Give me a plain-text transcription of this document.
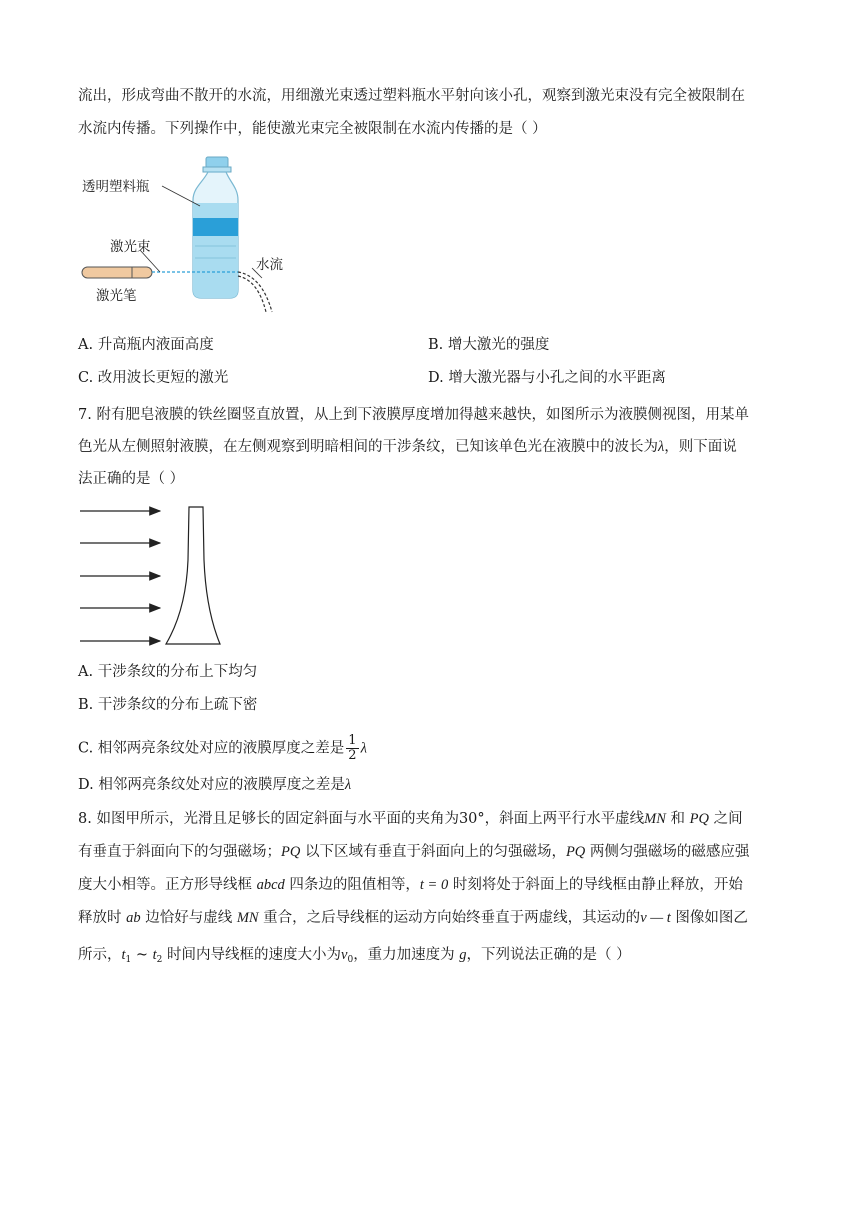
流出，形成弯曲不散开的水流，用细激光束透过塑料瓶水平射向该小孔，观察到激光束没有完全被限制在
水流内传播。下列操作中，能使激光束完全被限制在水流内传播的是（ ）
透明塑料瓶
激光束
激光笔
水流
A. 升高瓶内液面高度	B. 增大激光的强度
C. 改用波长更短的激光	D. 增大激光器与小孔之间的水平距离
7. 附有肥皂液膜的铁丝圈竖直放置，从上到下液膜厚度增加得越来越快，如图所示为液膜侧视图，用某单
色光从左侧照射液膜，在左侧观察到明暗相间的干涉条纹，已知该单色光在液膜中的波长为λ，则下面说
法正确的是（ ）
A. 干涉条纹的分布上下均匀
B. 干涉条纹的分布上疏下密
C. 相邻两亮条纹处对应的液膜厚度之差是 $\frac{1}{2}$ λ
D. 相邻两亮条纹处对应的液膜厚度之差是λ
8. 如图甲所示，光滑且足够长的固定斜面与水平面的夹角为30°，斜面上两平行水平虚线MN 和 PQ 之间
有垂直于斜面向下的匀强磁场；PQ 以下区域有垂直于斜面向上的匀强磁场，PQ 两侧匀强磁场的磁感应强
度大小相等。正方形导线框 abcd 四条边的阻值相等，t = 0 时刻将处于斜面上的导线框由静止释放，开始
释放时 ab 边恰好与虚线 MN 重合，之后导线框的运动方向始终垂直于两虚线，其运动的v — t 图像如图乙
所示，$t_1$ ~ $t_2$ 时间内导线框的速度大小为$v_0$，重力加速度为 g，下列说法正确的是（ ）
